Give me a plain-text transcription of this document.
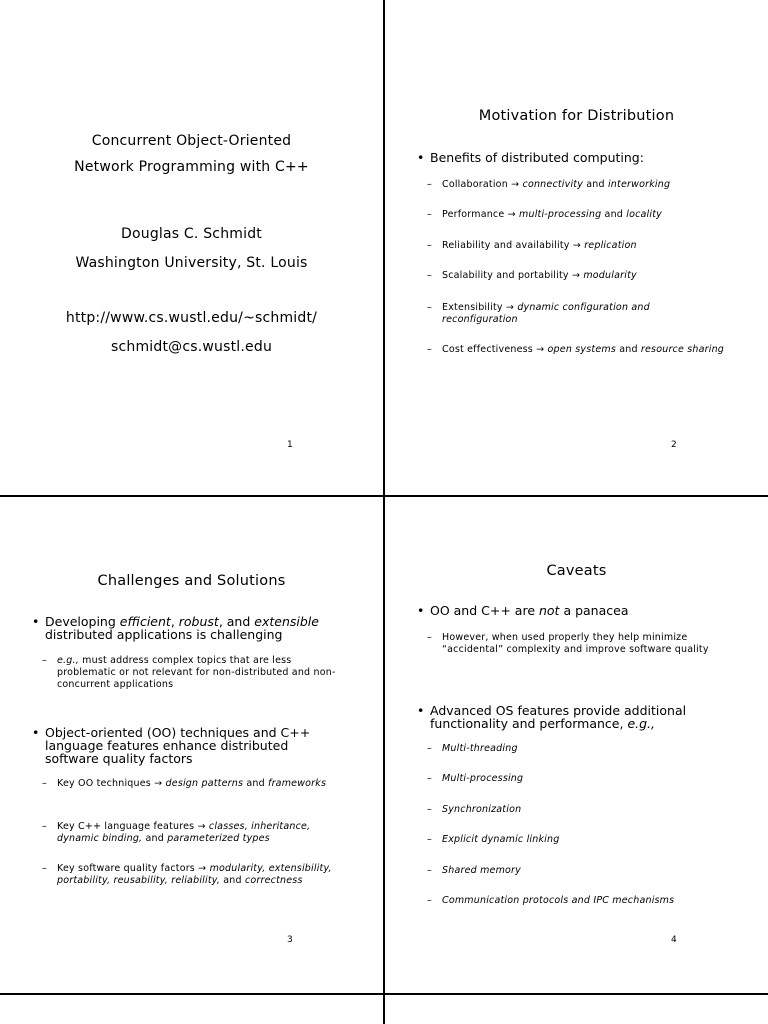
Concurrent Object-Oriented
Network Programming with C++
Douglas C. Schmidt
Washington University, St. Louis
http://www.cs.wustl.edu/~schmidt/
schmidt@cs.wustl.edu
1
Motivation for Distribution
• Benefits of distributed computing:
– Collaboration → connectivity and interworking
– Performance → multi-processing and locality
– Reliability and availability → replication
– Scalability and portability → modularity
– Extensibility → dynamic configuration and reconfiguration
– Cost effectiveness → open systems and resource sharing
2
Challenges and Solutions
• Developing efficient, robust, and extensible distributed applications is challenging
– e.g., must address complex topics that are less problematic or not relevant for non-distributed and non-concurrent applications
• Object-oriented (OO) techniques and C++ language features enhance distributed software quality factors
– Key OO techniques → design patterns and frameworks
– Key C++ language features → classes, inheritance, dynamic binding, and parameterized types
– Key software quality factors → modularity, extensibility, portability, reusability, reliability, and correctness
3
Caveats
• OO and C++ are not a panacea
– However, when used properly they help minimize “accidental” complexity and improve software quality
• Advanced OS features provide additional functionality and performance, e.g.,
– Multi-threading
– Multi-processing
– Synchronization
– Explicit dynamic linking
– Shared memory
– Communication protocols and IPC mechanisms
4
